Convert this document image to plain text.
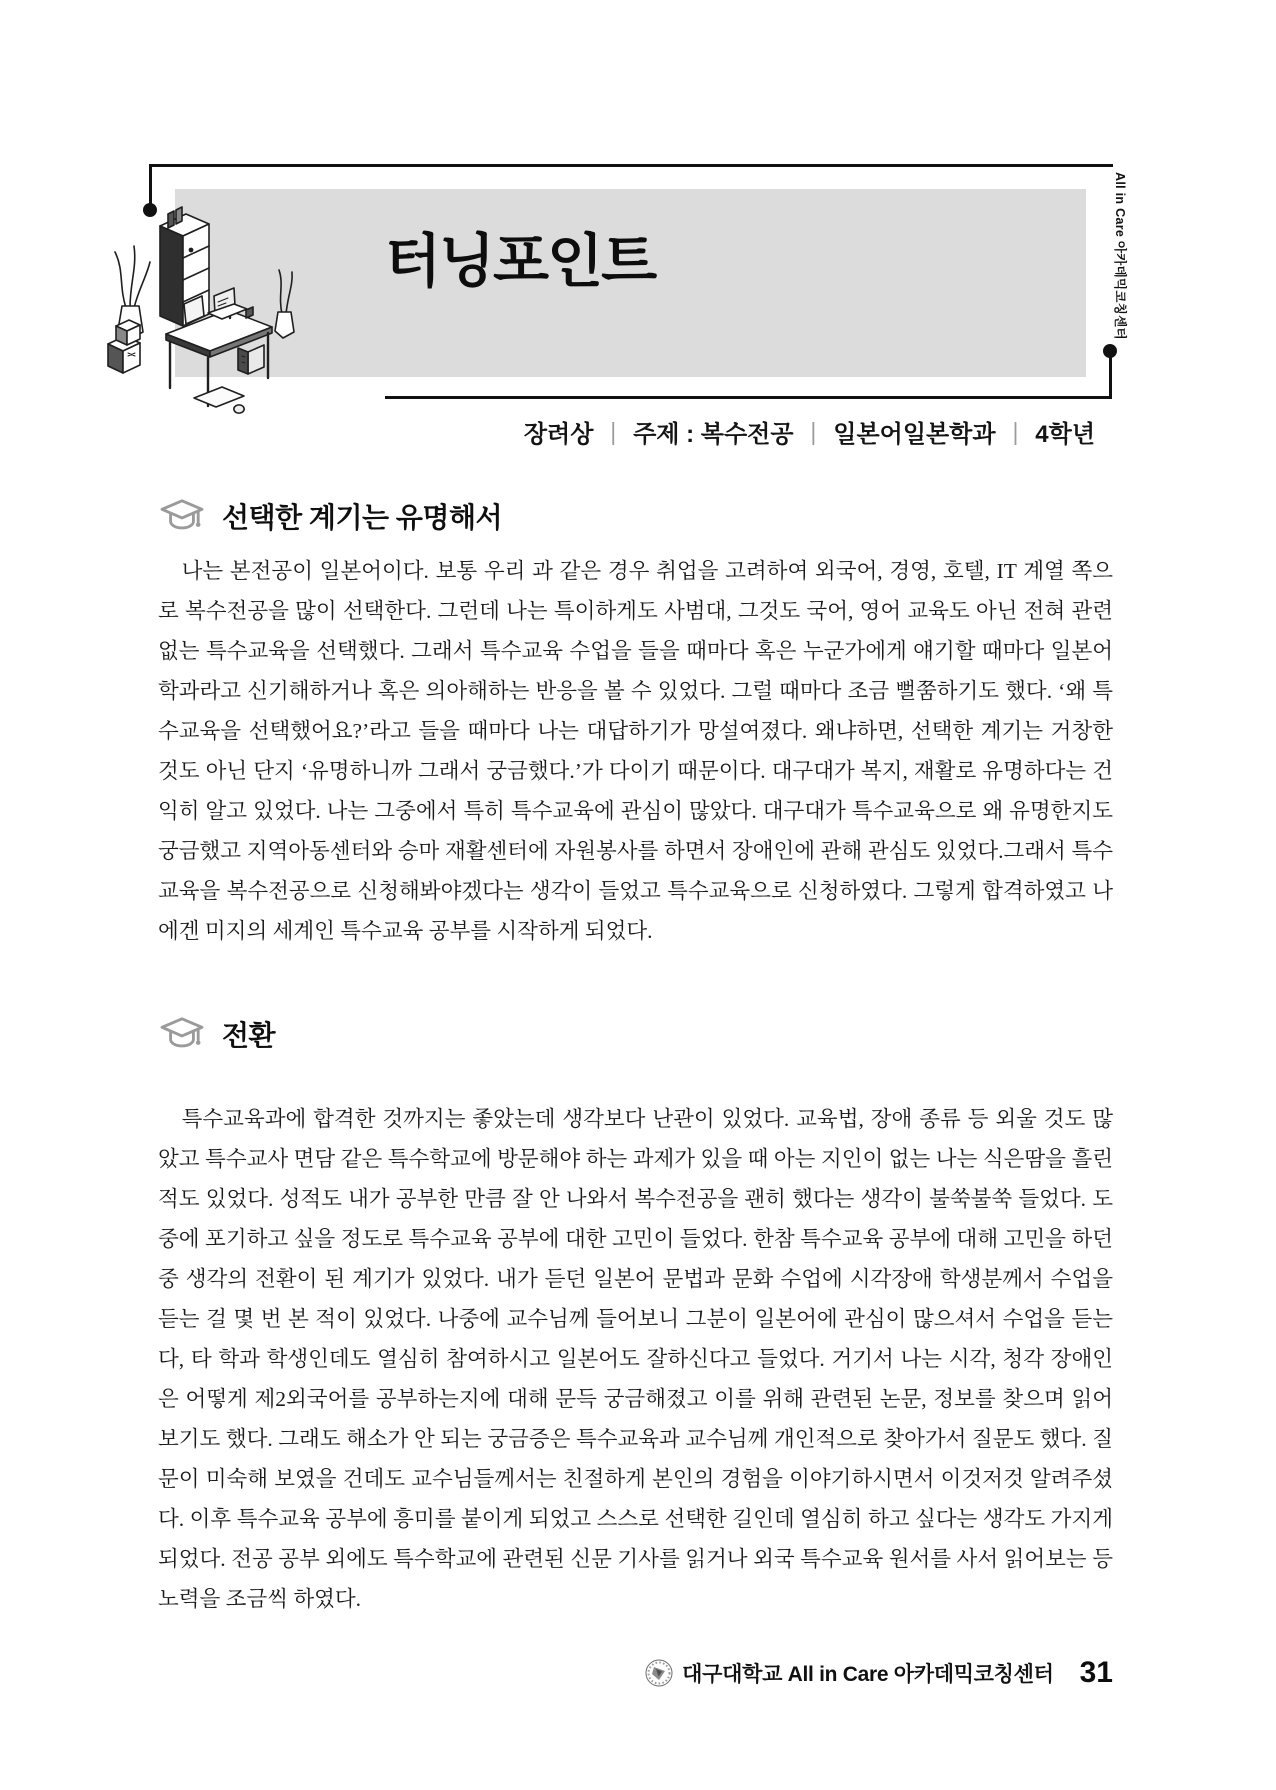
터닝포인트	All in Care 아카데믹코칭센터
장려상 | 주제 : 복수전공 | 일본어일본학과 | 4학년
선택한 계기는 유명해서

나는 본전공이 일본어이다. 보통 우리 과 같은 경우 취업을 고려하여 외국어, 경영, 호텔, IT 계열 쪽으로 복수전공을 많이 선택한다. 그런데 나는 특이하게도 사범대, 그것도 국어, 영어 교육도 아닌 전혀 관련 없는 특수교육을 선택했다. 그래서 특수교육 수업을 들을 때마다 혹은 누군가에게 얘기할 때마다 일본어학과라고 신기해하거나 혹은 의아해하는 반응을 볼 수 있었다. 그럴 때마다 조금 뻘쭘하기도 했다. ‘왜 특수교육을 선택했어요?’라고 들을 때마다 나는 대답하기가 망설여졌다. 왜냐하면, 선택한 계기는 거창한 것도 아닌 단지 ‘유명하니까 그래서 궁금했다.’가 다이기 때문이다. 대구대가 복지, 재활로 유명하다는 건 익히 알고 있었다. 나는 그중에서 특히 특수교육에 관심이 많았다. 대구대가 특수교육으로 왜 유명한지도 궁금했고 지역아동센터와 승마 재활센터에 자원봉사를 하면서 장애인에 관해 관심도 있었다.그래서 특수교육을 복수전공으로 신청해봐야겠다는 생각이 들었고 특수교육으로 신청하였다. 그렇게 합격하였고 나에겐 미지의 세계인 특수교육 공부를 시작하게 되었다.

전환

특수교육과에 합격한 것까지는 좋았는데 생각보다 난관이 있었다. 교육법, 장애 종류 등 외울 것도 많았고 특수교사 면담 같은 특수학교에 방문해야 하는 과제가 있을 때 아는 지인이 없는 나는 식은땀을 흘린 적도 있었다. 성적도 내가 공부한 만큼 잘 안 나와서 복수전공을 괜히 했다는 생각이 불쑥불쑥 들었다. 도중에 포기하고 싶을 정도로 특수교육 공부에 대한 고민이 들었다. 한참 특수교육 공부에 대해 고민을 하던 중 생각의 전환이 된 계기가 있었다. 내가 듣던 일본어 문법과 문화 수업에 시각장애 학생분께서 수업을 듣는 걸 몇 번 본 적이 있었다. 나중에 교수님께 들어보니 그분이 일본어에 관심이 많으셔서 수업을 듣는다, 타 학과 학생인데도 열심히 참여하시고 일본어도 잘하신다고 들었다. 거기서 나는 시각, 청각 장애인은 어떻게 제2외국어를 공부하는지에 대해 문득 궁금해졌고 이를 위해 관련된 논문, 정보를 찾으며 읽어보기도 했다. 그래도 해소가 안 되는 궁금증은 특수교육과 교수님께 개인적으로 찾아가서 질문도 했다. 질문이 미숙해 보였을 건데도 교수님들께서는 친절하게 본인의 경험을 이야기하시면서 이것저것 알려주셨다. 이후 특수교육 공부에 흥미를 붙이게 되었고 스스로 선택한 길인데 열심히 하고 싶다는 생각도 가지게 되었다. 전공 공부 외에도 특수학교에 관련된 신문 기사를 읽거나 외국 특수교육 원서를 사서 읽어보는 등 노력을 조금씩 하였다.

대구대학교 All in Care 아카데믹코칭센터 31
